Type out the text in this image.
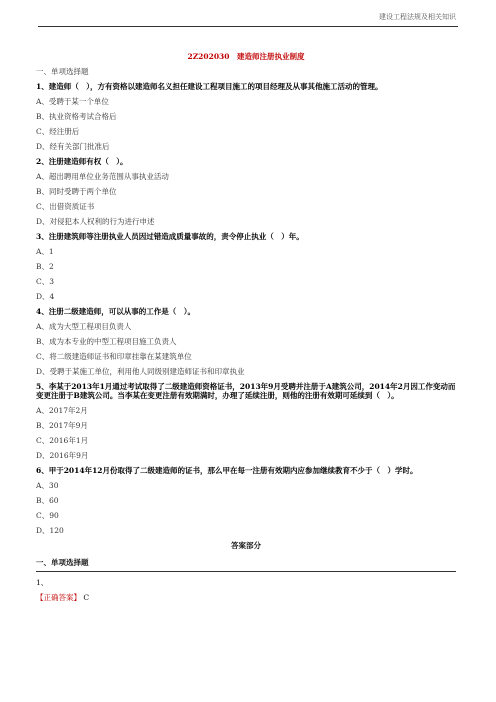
建设工程法规及相关知识
2Z202030　建造师注册执业制度
一、单项选择题
1、建造师（　），方有资格以建造师名义担任建设工程项目施工的项目经理及从事其他施工活动的管理。
A、受聘于某一个单位
B、执业资格考试合格后
C、经注册后
D、经有关部门批准后
2、注册建造师有权（　）。
A、超出聘用单位业务范围从事执业活动
B、同时受聘于两个单位
C、出借资质证书
D、对侵犯本人权利的行为进行申述
3、注册建筑师等注册执业人员因过错造成质量事故的，责令停止执业（　）年。
A、1
B、2
C、3
D、4
4、注册二级建造师，可以从事的工作是（　）。
A、成为大型工程项目负责人
B、成为本专业的中型工程项目施工负责人
C、将二级建造师证书和印章挂靠在某建筑单位
D、受聘于某施工单位，利用他人同级别建造师证书和印章执业
5、李某于2013年1月通过考试取得了二级建造师资格证书，2013年9月受聘并注册于A建筑公司，2014年2月因工作变动而变更注册于B建筑公司。当李某在变更注册有效期满时，办理了延续注册，则他的注册有效期可延续到（　）。
A、2017年2月
B、2017年9月
C、2016年1月
D、2016年9月
6、甲于2014年12月份取得了二级建造师的证书，那么甲在每一注册有效期内应参加继续教育不少于（　）学时。
A、30
B、60
C、90
D、120
答案部分
一、单项选择题
1、
【正确答案】 C
